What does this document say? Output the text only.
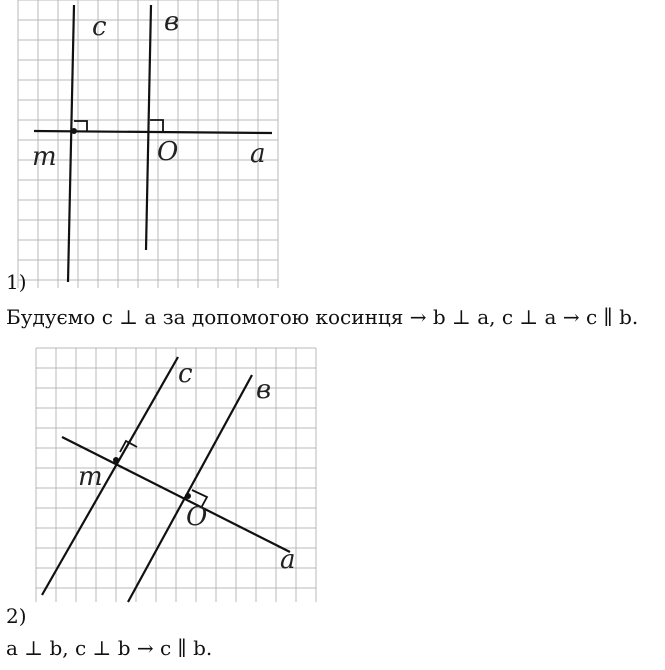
c в
m	O	a
1)
Будуємо c ⊥ a за допомогою косинця → b ⊥ a, c ⊥ a → c ∥ b.
c
в
m
O
a
2)
a ⊥ b, c ⊥ b → c ∥ b.
